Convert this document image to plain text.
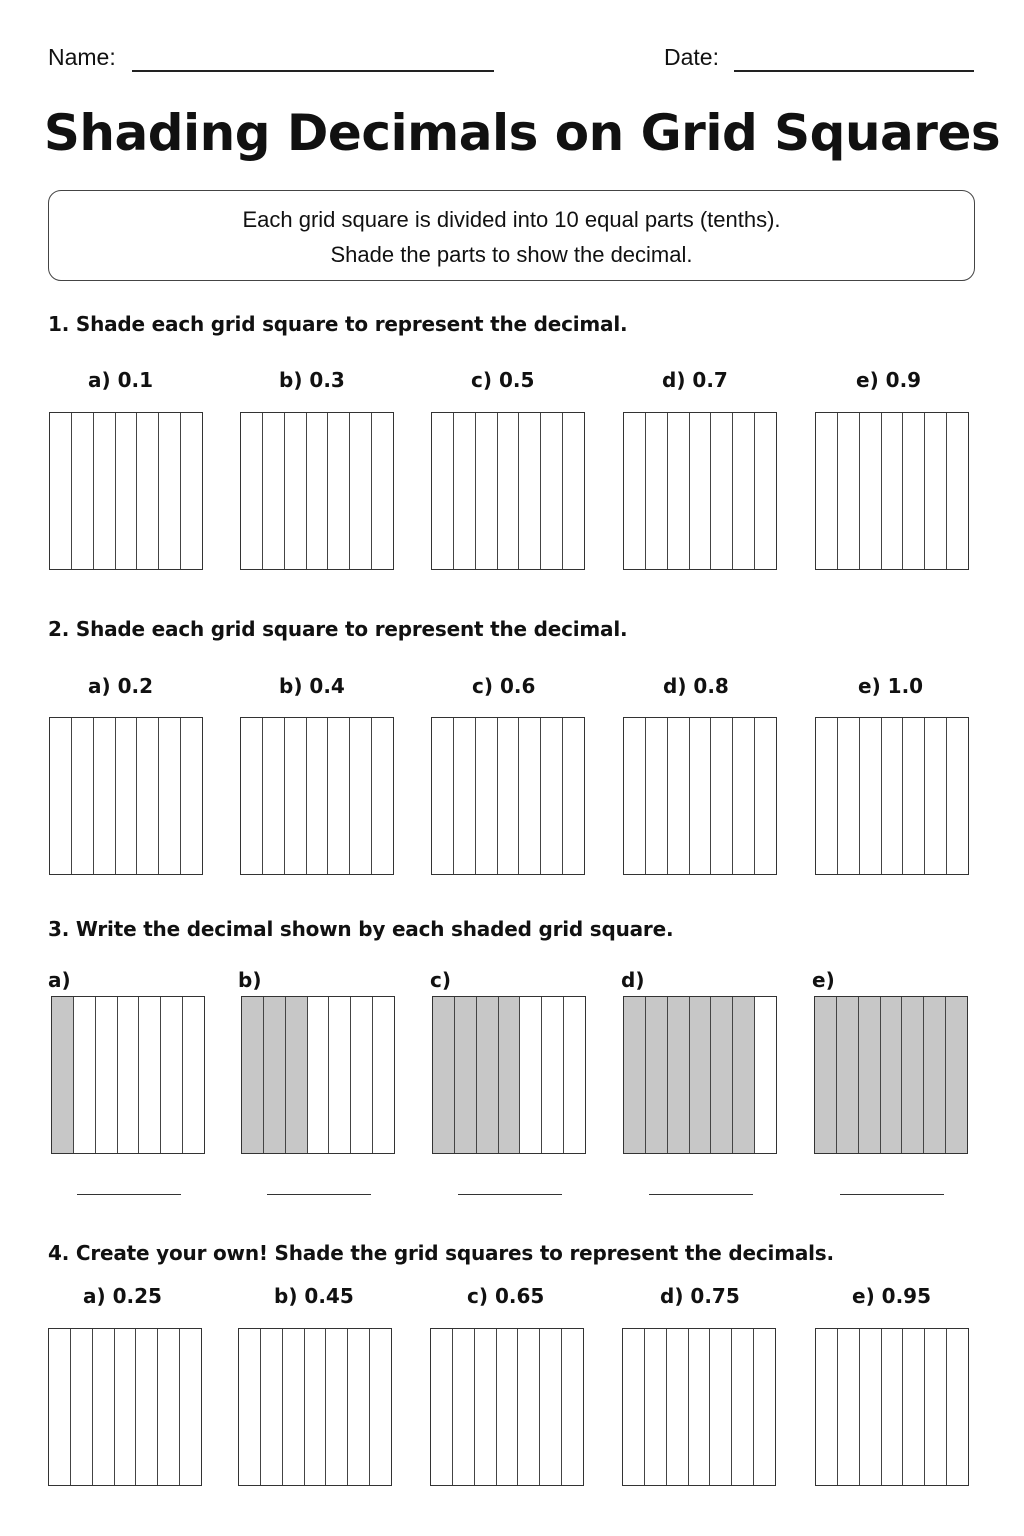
Name:	Date:
Shading Decimals on Grid Squares
Each grid square is divided into 10 equal parts (tenths).
Shade the parts to show the decimal.
1. Shade each grid square to represent the decimal.
a) 0.1	b) 0.3	c) 0.5	d) 0.7	e) 0.9
2. Shade each grid square to represent the decimal.
a) 0.2	b) 0.4	c) 0.6	d) 0.8	e) 1.0
3. Write the decimal shown by each shaded grid square.
a)	b)	c)	d)	e)
4. Create your own! Shade the grid squares to represent the decimals.
a) 0.25	b) 0.45	c) 0.65	d) 0.75	e) 0.95
